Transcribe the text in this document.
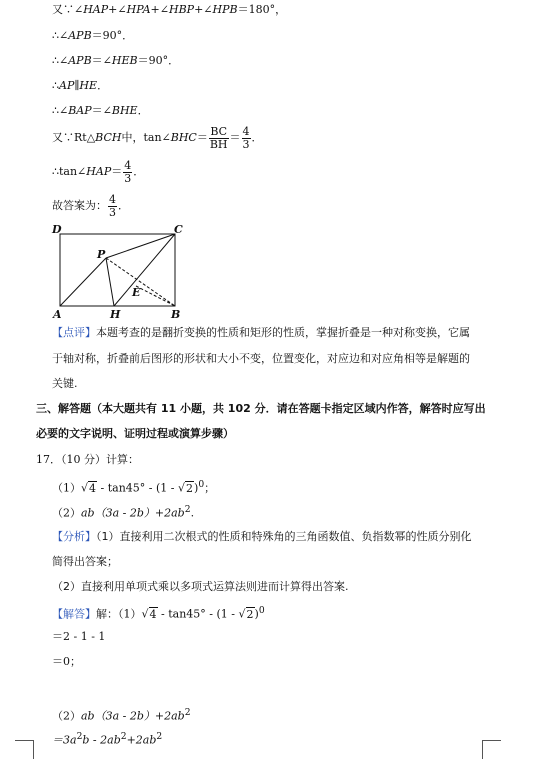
又∵∠HAP+∠HPA+∠HBP+∠HPB＝180°，
∴∠APB＝90°．
∴∠APB＝∠HEB＝90°．
∴AP∥HE．
∴∠BAP＝∠BHE．
又∵Rt△BCH中，tan∠BHC＝ $\frac{BC}{BH} = \frac{4}{3}$ ．
∴tan∠HAP＝ $\frac{4}{3}$ ．
故答案为： $\frac{4}{3}$ ．
D	C
P
E
A	H	B
【点评】本题考查的是翻折变换的性质和矩形的性质，掌握折叠是一种对称变换，它属
于轴对称，折叠前后图形的形状和大小不变，位置变化，对应边和对应角相等是解题的
关键.
三、解答题（本大题共有 11 小题，共 102 分．请在答题卡指定区域内作答，解答时应写出
必要的文字说明、证明过程或演算步骤）
17．（10 分）计算：
（1）√4 - tan45° - (1 - √2)$^0$；
$(2)ab(3a - 2b)+2ab^2$.
【分析】（1）直接利用二次根式的性质和特殊角的三角函数值、负指数幂的性质分别化
简得出答案；
（2）直接利用单项式乘以多项式运算法则进而计算得出答案.
【解答】解：（1）√4 - tan45° - (1 - √2)$^0$
＝2 - 1 - 1
＝0；
$(2)ab(3a - 2b)+2ab^2$
$=3a^2b - 2ab^2+2ab^2$
